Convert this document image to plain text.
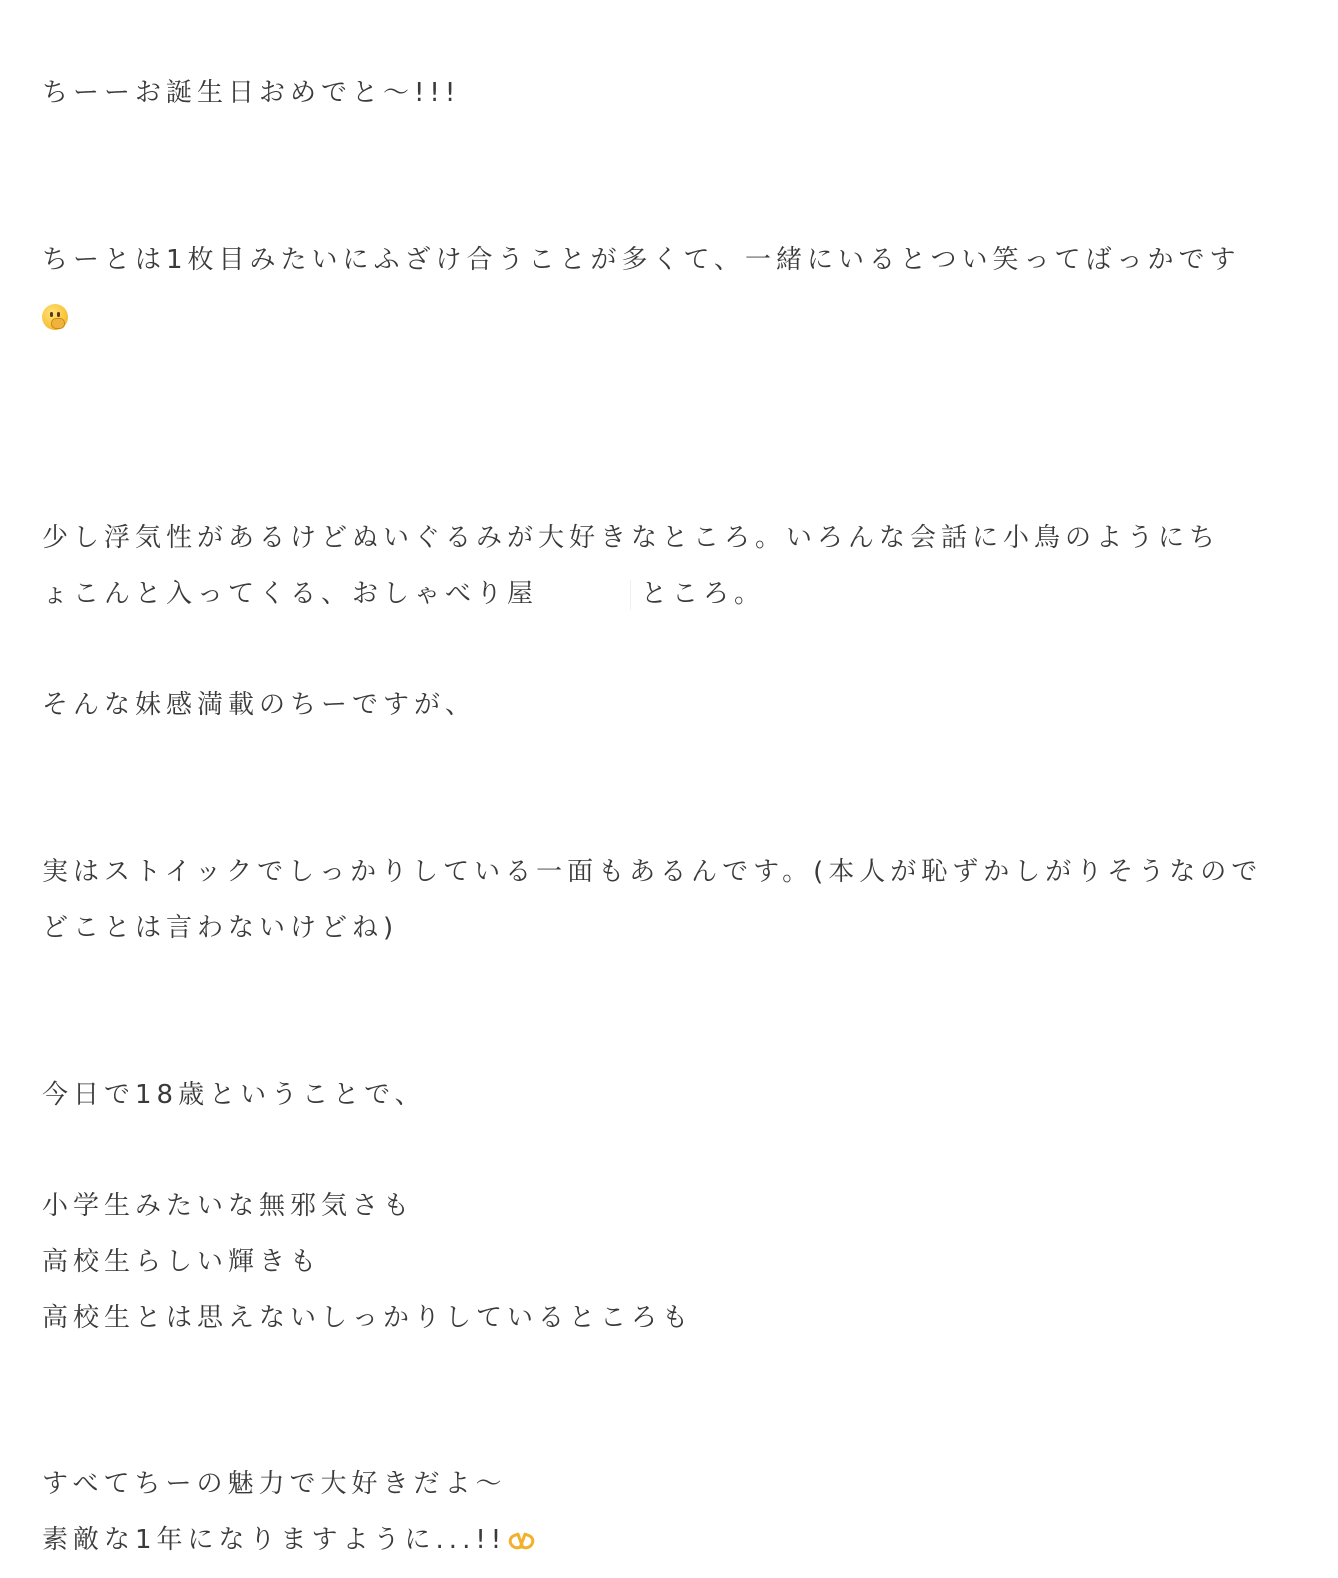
ちーーお誕生日おめでと〜!!!
ちーとは1枚目みたいにふざけ合うことが多くて、一緒にいるとつい笑ってばっかです
少し浮気性があるけどぬいぐるみが大好きなところ。いろんな会話に小鳥のようにち
ょこんと入ってくる、おしゃべり屋	ところ。
そんな妹感満載のちーですが、
実はストイックでしっかりしている一面もあるんです。(本人が恥ずかしがりそうなので
どことは言わないけどね)
今日で18歳ということで、
小学生みたいな無邪気さも
高校生らしい輝きも
高校生とは思えないしっかりしているところも
すべてちーの魅力で大好きだよ〜
素敵な1年になりますように...!!
